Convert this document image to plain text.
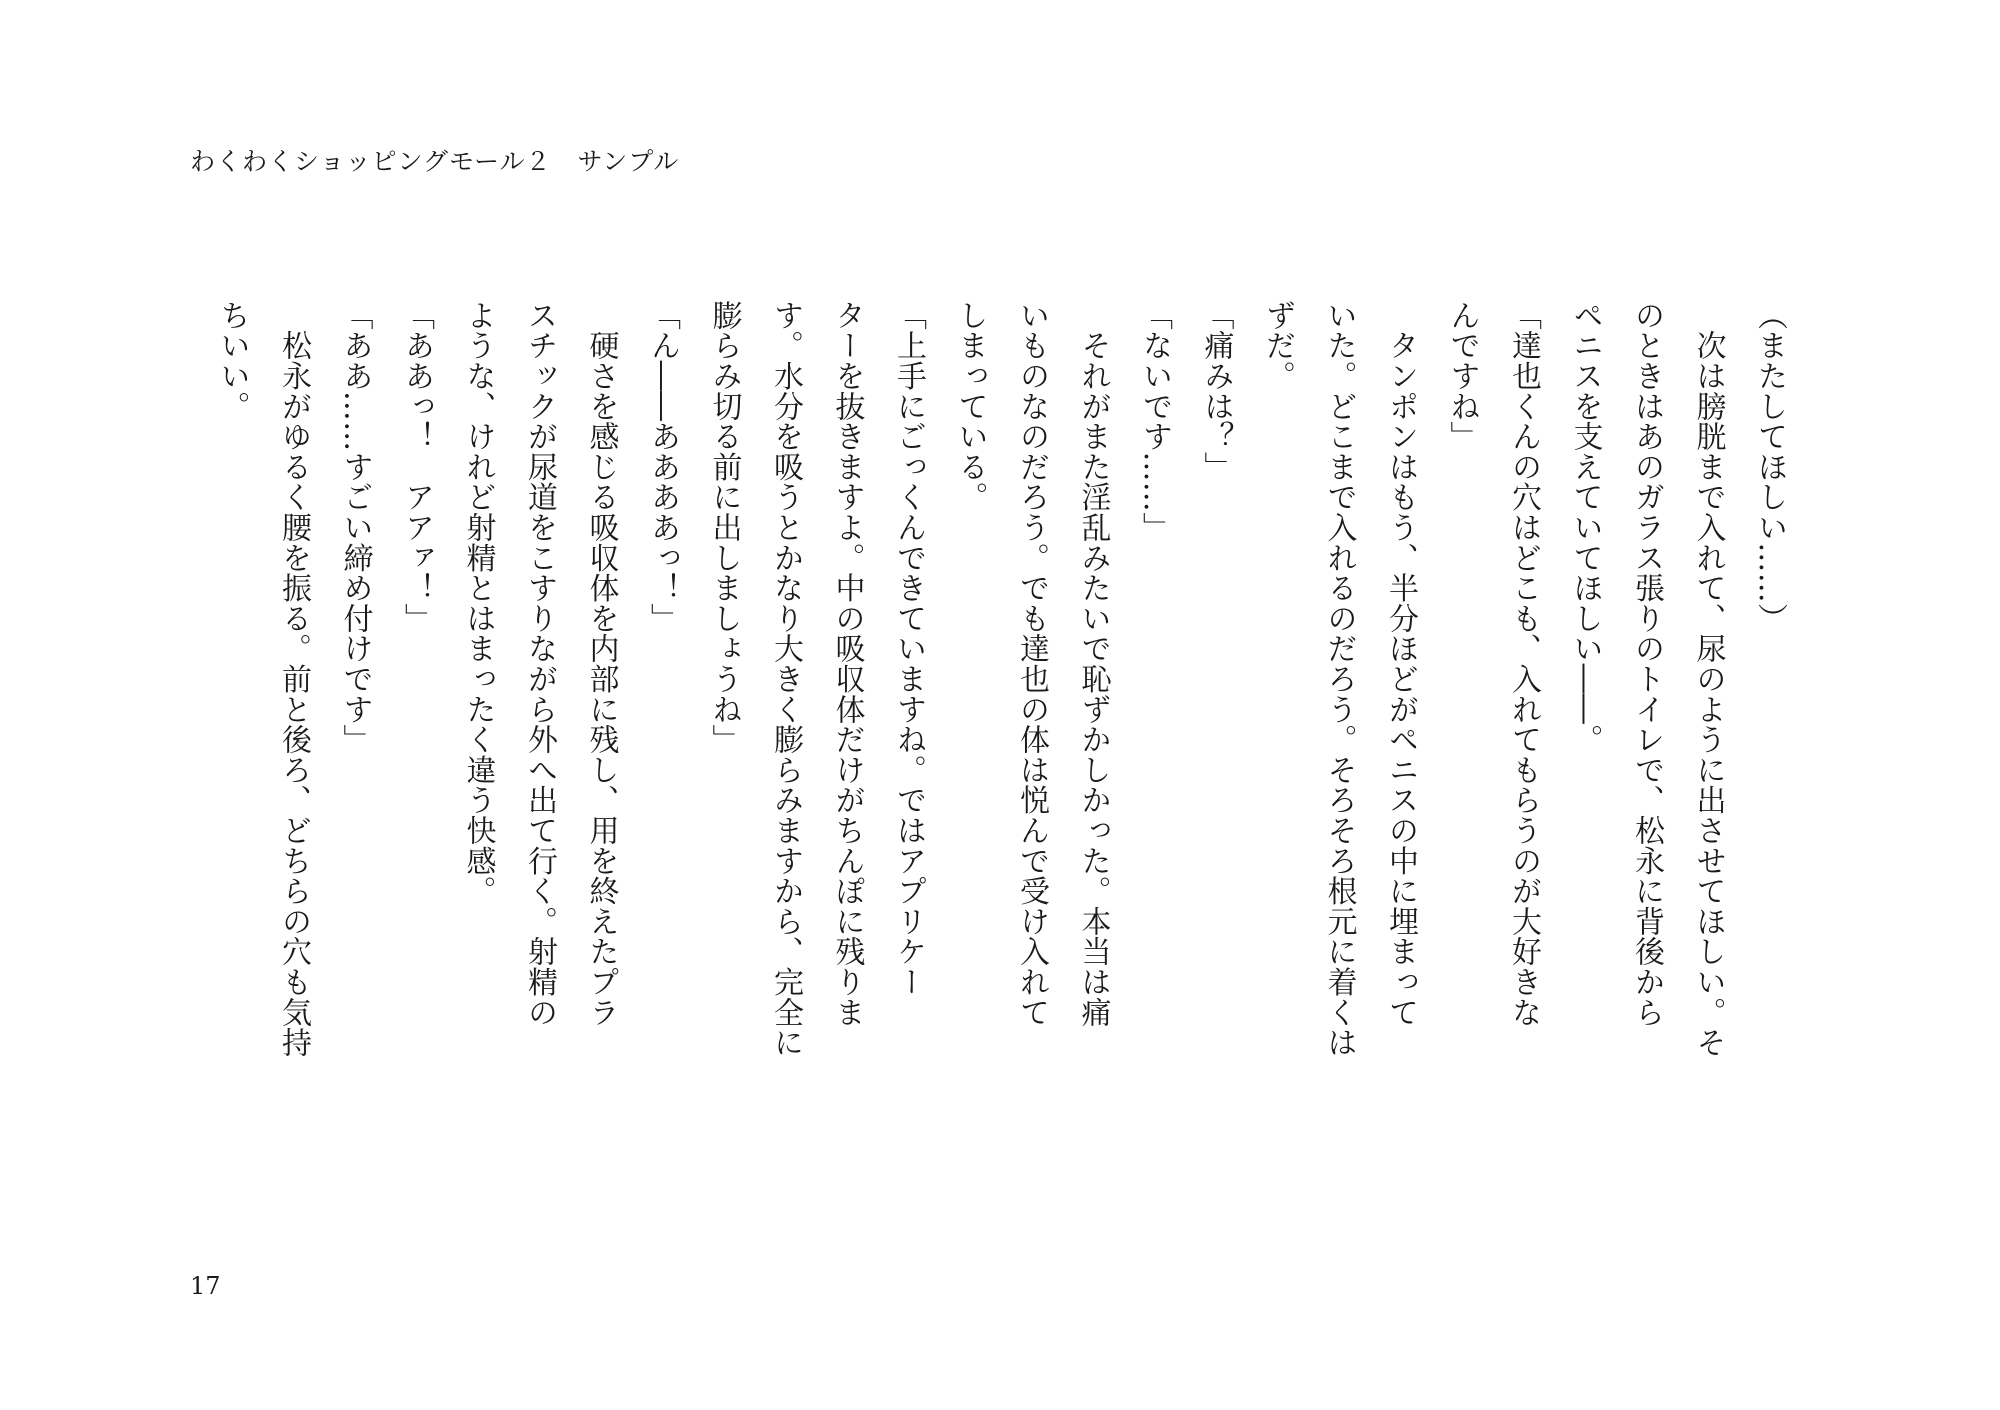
わくわくショッピングモール２　サンプル

（またしてほしい……）

　次は膀胱まで入れて、尿のように出させてほしい。そ

のときはあのガラス張りのトイレで、松永に背後から

ペニスを支えていてほしい――。

「達也くんの穴はどこも、入れてもらうのが大好きな

んですね」

　タンポンはもう、半分ほどがペニスの中に埋まって

いた。どこまで入れるのだろう。そろそろ根元に着くは

ずだ。

「痛みは？」

「ないです……」

　それがまた淫乱みたいで恥ずかしかった。本当は痛

いものなのだろう。でも達也の体は悦んで受け入れて

しまっている。

「上手にごっくんできていますね。ではアプリケー

ターを抜きますよ。中の吸収体だけがちんぽに残りま

す。水分を吸うとかなり大きく膨らみますから、完全に

膨らみ切る前に出しましょうね」

「ん――ああああっ！」

　硬さを感じる吸収体を内部に残し、用を終えたプラ

スチックが尿道をこすりながら外へ出て行く。射精の

ような、けれど射精とはまったく違う快感。

「ああっ！　アアァ！」

「ああ……すごい締め付けです」

　松永がゆるく腰を振る。前と後ろ、どちらの穴も気持

ちいい。

17
